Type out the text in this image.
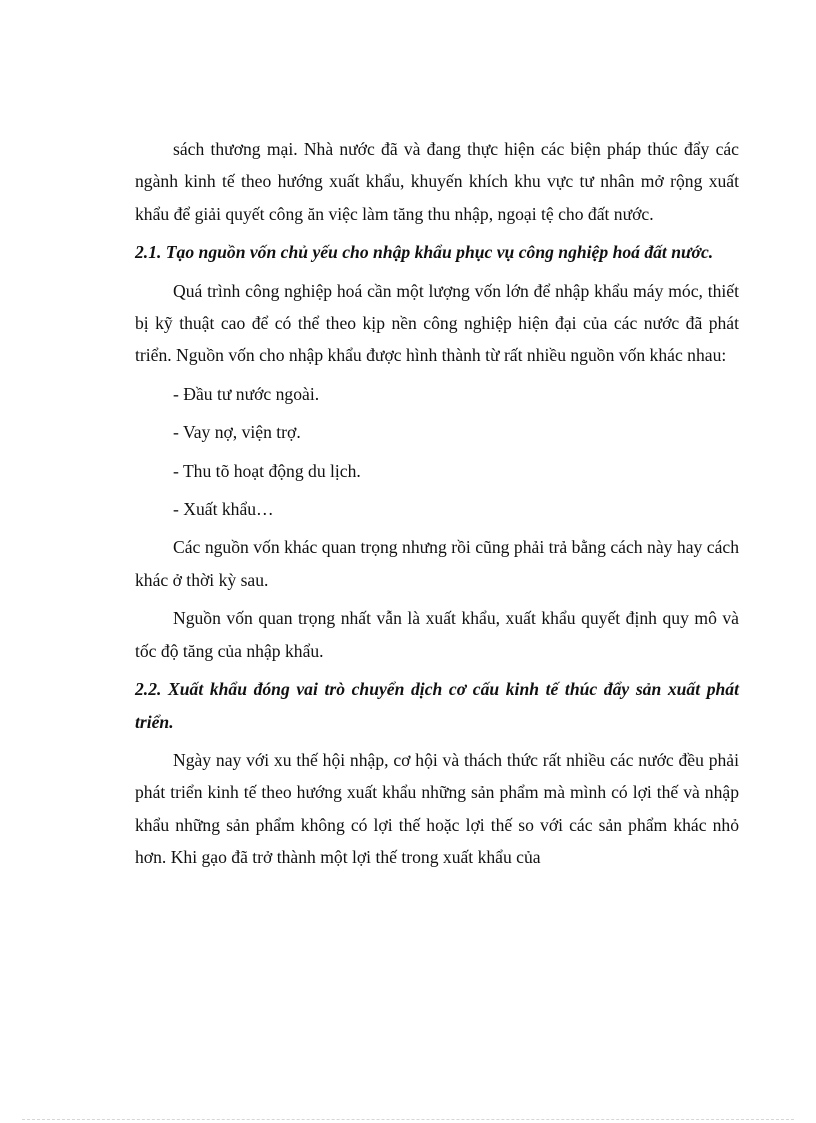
sách thương mại. Nhà nước đã và đang thực hiện các biện pháp thúc đẩy các ngành kinh tế theo hướng xuất khẩu, khuyến khích khu vực tư nhân mở rộng xuất khẩu để giải quyết công ăn việc làm tăng thu nhập, ngoại tệ cho đất nước.

2.1. Tạo nguồn vốn chủ yếu cho nhập khẩu phục vụ công nghiệp hoá đất nước.

Quá trình công nghiệp hoá cần một lượng vốn lớn để nhập khẩu máy móc, thiết bị kỹ thuật cao để có thể theo kịp nền công nghiệp hiện đại của các nước đã phát triển. Nguồn vốn cho nhập khẩu được hình thành từ rất nhiều nguồn vốn khác nhau:

- Đầu tư nước ngoài.

- Vay nợ, viện trợ.

- Thu tõ hoạt động du lịch.

- Xuất khẩu…

Các nguồn vốn khác quan trọng nhưng rồi cũng phải trả bằng cách này hay cách khác ở thời kỳ sau.

Nguồn vốn quan trọng nhất vẫn là xuất khẩu, xuất khẩu quyết định quy mô và tốc độ tăng của nhập khẩu.

2.2. Xuất khẩu đóng vai trò chuyển dịch cơ cấu kinh tế thúc đẩy sản xuất phát triển.

Ngày nay với xu thế hội nhập, cơ hội và thách thức rất nhiều các nước đều phải phát triển kinh tế theo hướng xuất khẩu những sản phẩm mà mình có lợi thế và nhập khẩu những sản phẩm không có lợi thế hoặc lợi thế so với các sản phẩm khác nhỏ hơn. Khi gạo đã trở thành một lợi thế trong xuất khẩu của
